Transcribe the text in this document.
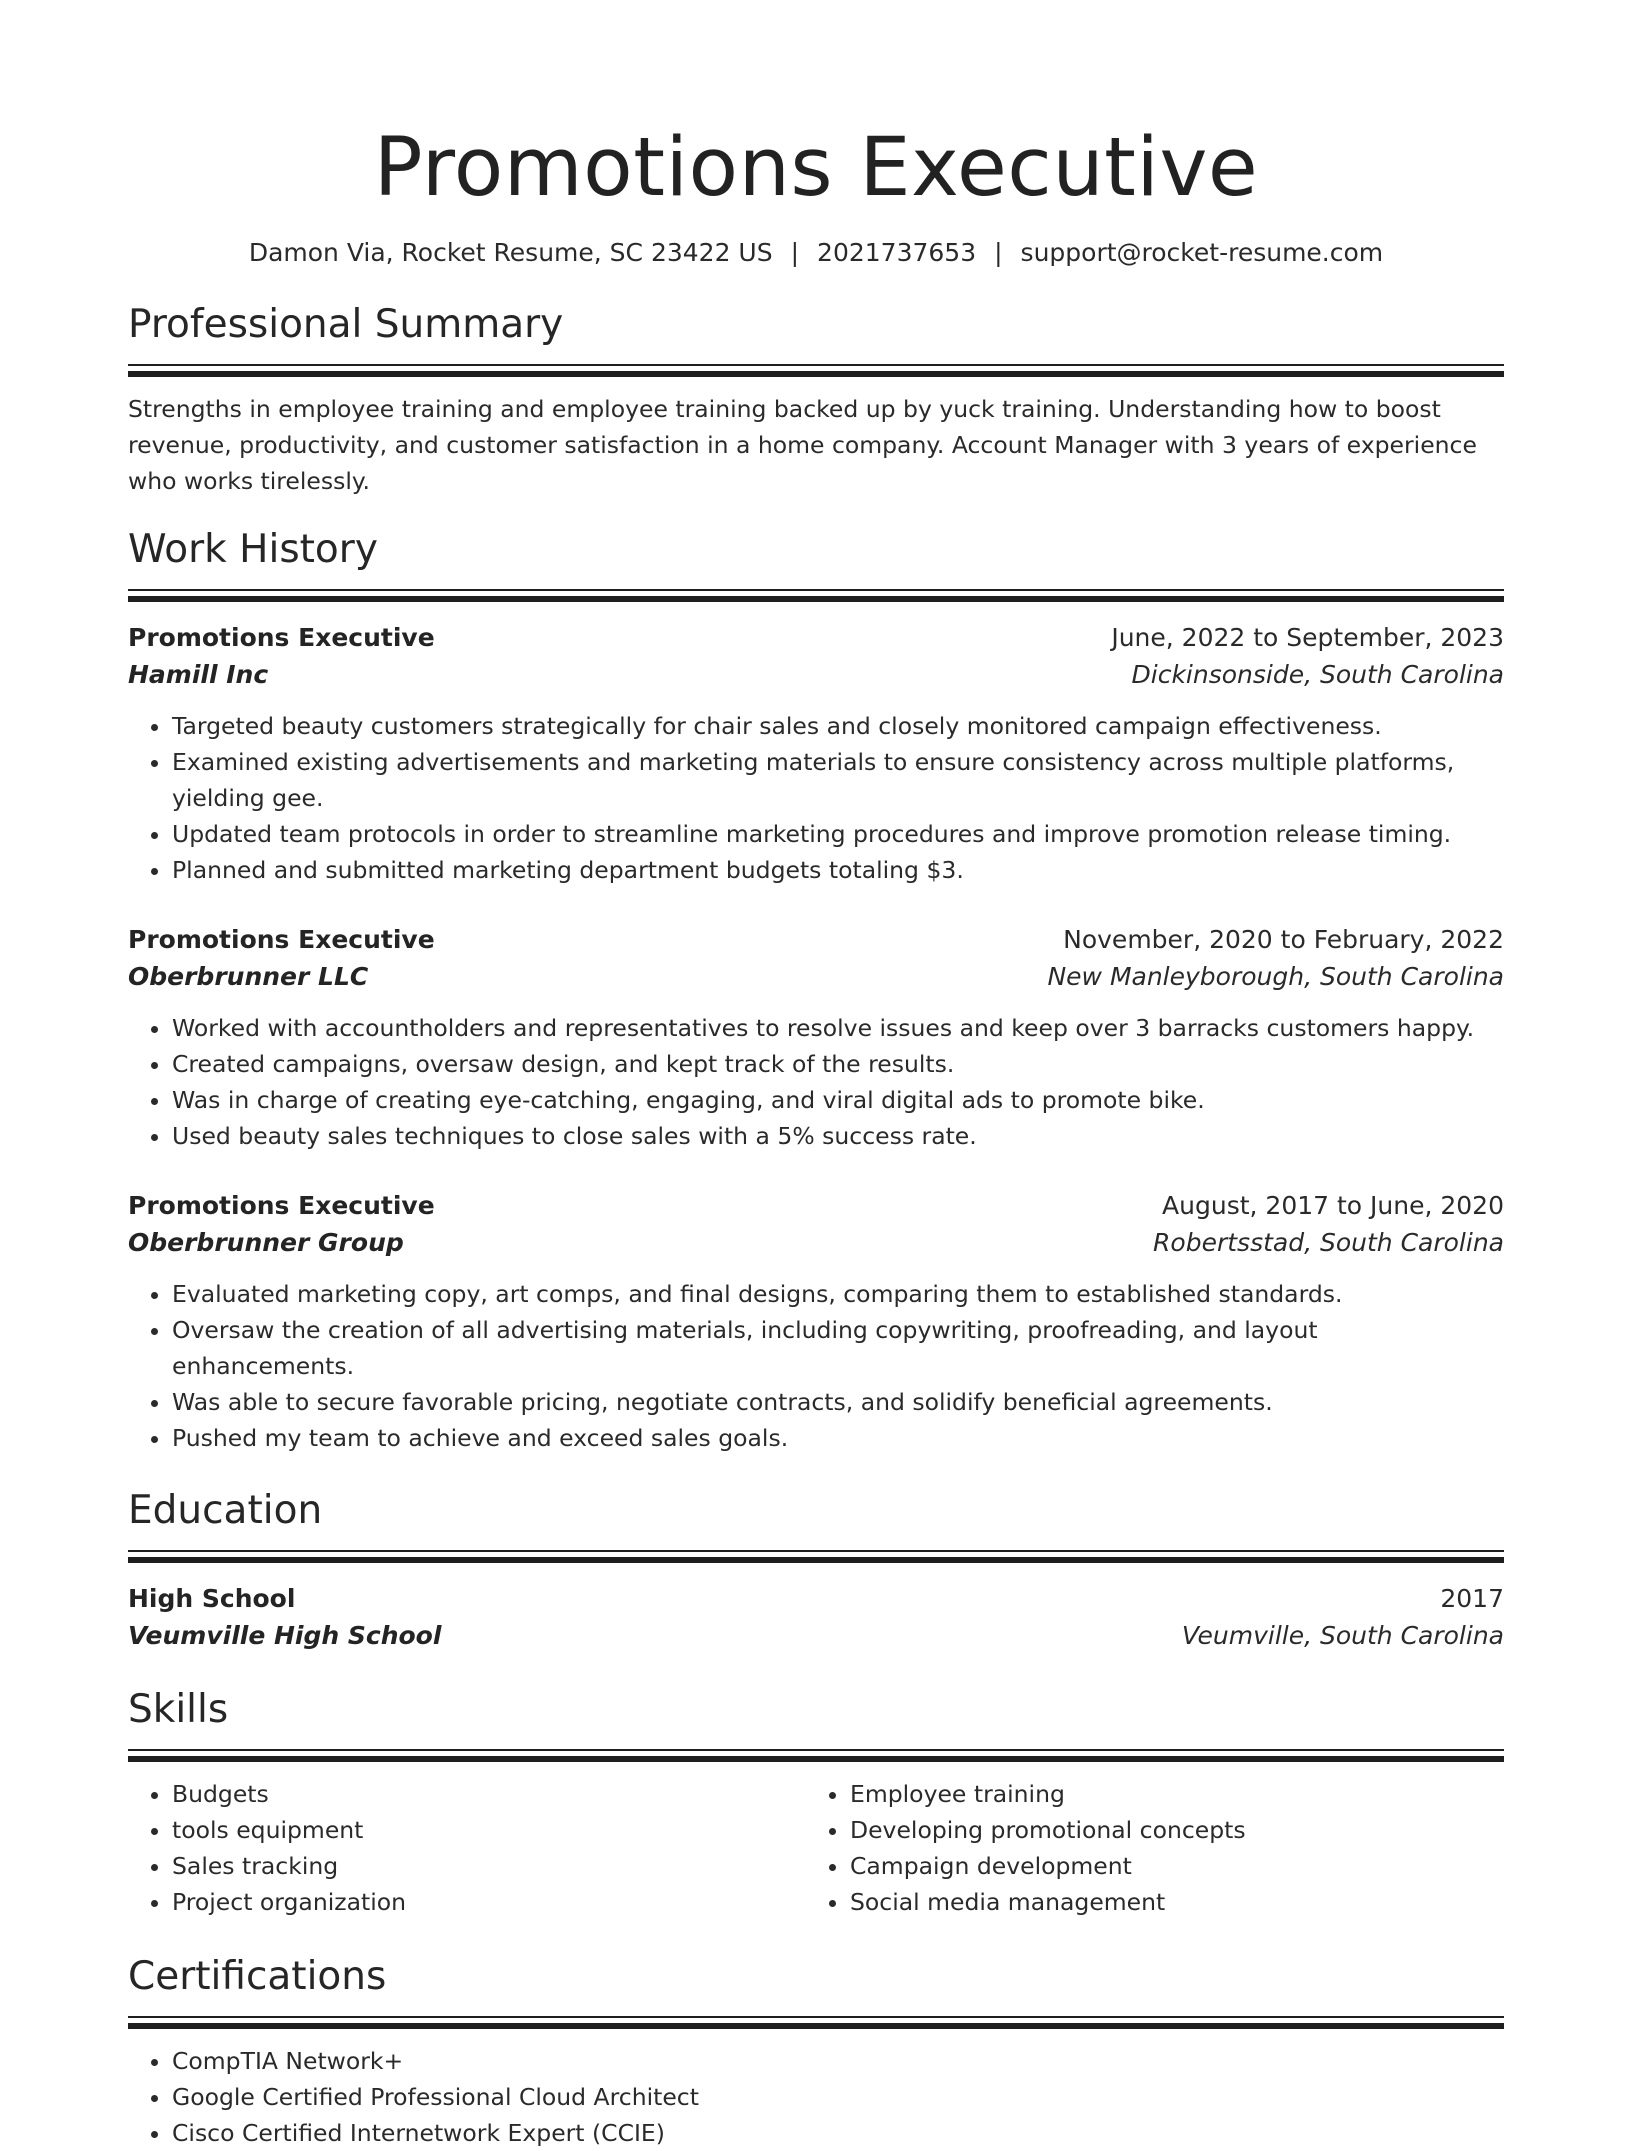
Promotions Executive
Damon Via, Rocket Resume, SC 23422 US | 2021737653 | support@rocket-resume.com
Professional Summary
Strengths in employee training and employee training backed up by yuck training. Understanding how to boost revenue, productivity, and customer satisfaction in a home company. Account Manager with 3 years of experience who works tirelessly.
Work History
Promotions Executive	June, 2022 to September, 2023
Hamill Inc	Dickinsonside, South Carolina
• Targeted beauty customers strategically for chair sales and closely monitored campaign effectiveness.
• Examined existing advertisements and marketing materials to ensure consistency across multiple platforms, yielding gee.
• Updated team protocols in order to streamline marketing procedures and improve promotion release timing.
• Planned and submitted marketing department budgets totaling $3.
Promotions Executive	November, 2020 to February, 2022
Oberbrunner LLC	New Manleyborough, South Carolina
• Worked with accountholders and representatives to resolve issues and keep over 3 barracks customers happy.
• Created campaigns, oversaw design, and kept track of the results.
• Was in charge of creating eye-catching, engaging, and viral digital ads to promote bike.
• Used beauty sales techniques to close sales with a 5% success rate.
Promotions Executive	August, 2017 to June, 2020
Oberbrunner Group	Robertsstad, South Carolina
• Evaluated marketing copy, art comps, and final designs, comparing them to established standards.
• Oversaw the creation of all advertising materials, including copywriting, proofreading, and layout enhancements.
• Was able to secure favorable pricing, negotiate contracts, and solidify beneficial agreements.
• Pushed my team to achieve and exceed sales goals.
Education
High School	2017
Veumville High School	Veumville, South Carolina
Skills
• Budgets
• tools equipment
• Sales tracking
• Project organization
• Employee training
• Developing promotional concepts
• Campaign development
• Social media management
Certifications
• CompTIA Network+
• Google Certified Professional Cloud Architect
• Cisco Certified Internetwork Expert (CCIE)
